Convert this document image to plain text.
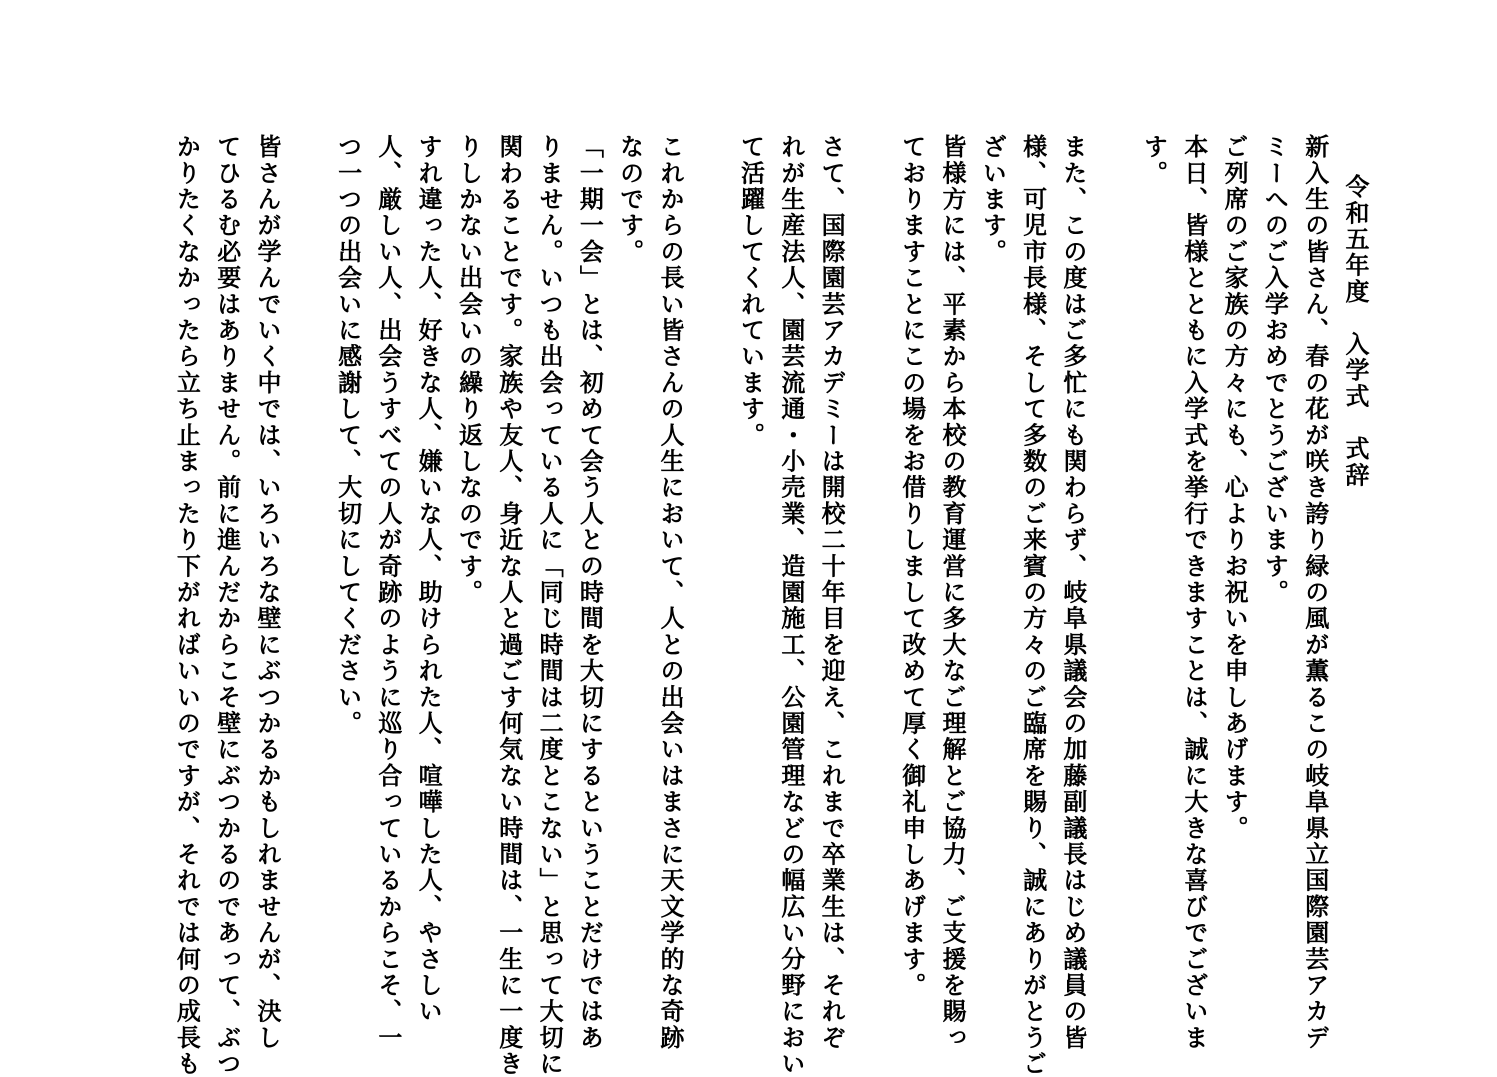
令和五年度　入学式　式辞
新入生の皆さん、春の花が咲き誇り緑の風が薫るこの岐阜県立国際園芸アカデ
ミーへのご入学おめでとうございます。
ご列席のご家族の方々にも、心よりお祝いを申しあげます。
本日、皆様とともに入学式を挙行できますことは、誠に大きな喜びでございま
す。
また、この度はご多忙にも関わらず、岐阜県議会の加藤副議長はじめ議員の皆
様、可児市長様、そして多数のご来賓の方々のご臨席を賜り、誠にありがとうご
ざいます。
皆様方には、平素から本校の教育運営に多大なご理解とご協力、ご支援を賜っ
ておりますことにこの場をお借りしまして改めて厚く御礼申しあげます。
さて、国際園芸アカデミーは開校二十年目を迎え、これまで卒業生は、それぞ
れが生産法人、園芸流通・小売業、造園施工、公園管理などの幅広い分野におい
て活躍してくれています。
これからの長い皆さんの人生において、人との出会いはまさに天文学的な奇跡
なのです。
「一期一会」とは、初めて会う人との時間を大切にするということだけではあ
りません。いつも出会っている人に「同じ時間は二度とこない」と思って大切に
関わることです。家族や友人、身近な人と過ごす何気ない時間は、一生に一度き
りしかない出会いの繰り返しなのです。
すれ違った人、好きな人、嫌いな人、助けられた人、喧嘩した人、やさしい
人、厳しい人、出会うすべての人が奇跡のように巡り合っているからこそ、一
つ一つの出会いに感謝して、大切にしてください。
皆さんが学んでいく中では、いろいろな壁にぶつかるかもしれませんが、決し
てひるむ必要はありません。前に進んだからこそ壁にぶつかるのであって、ぶつ
かりたくなかったら立ち止まったり下がればいいのですが、それでは何の成長も
